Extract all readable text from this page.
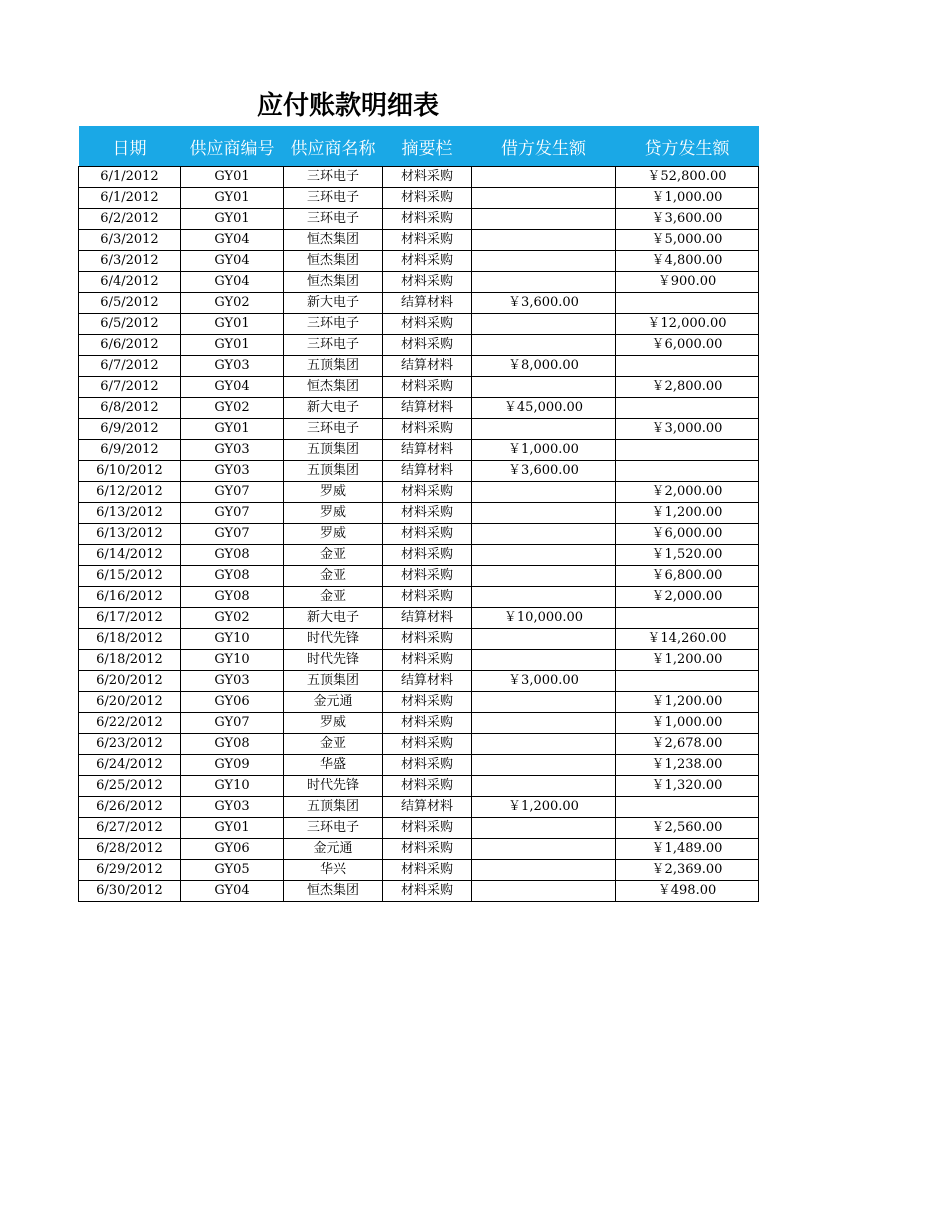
应付账款明细表
日期	供应商编号	供应商名称	摘要栏	借方发生额	贷方发生额
6/1/2012	GY01	三环电子	材料采购		￥52,800.00
6/1/2012	GY01	三环电子	材料采购		￥1,000.00
6/2/2012	GY01	三环电子	材料采购		￥3,600.00
6/3/2012	GY04	恒杰集团	材料采购		￥5,000.00
6/3/2012	GY04	恒杰集团	材料采购		￥4,800.00
6/4/2012	GY04	恒杰集团	材料采购		￥900.00
6/5/2012	GY02	新大电子	结算材料	￥3,600.00	
6/5/2012	GY01	三环电子	材料采购		￥12,000.00
6/6/2012	GY01	三环电子	材料采购		￥6,000.00
6/7/2012	GY03	五顶集团	结算材料	￥8,000.00	
6/7/2012	GY04	恒杰集团	材料采购		￥2,800.00
6/8/2012	GY02	新大电子	结算材料	￥45,000.00	
6/9/2012	GY01	三环电子	材料采购		￥3,000.00
6/9/2012	GY03	五顶集团	结算材料	￥1,000.00	
6/10/2012	GY03	五顶集团	结算材料	￥3,600.00	
6/12/2012	GY07	罗威	材料采购		￥2,000.00
6/13/2012	GY07	罗威	材料采购		￥1,200.00
6/13/2012	GY07	罗威	材料采购		￥6,000.00
6/14/2012	GY08	金亚	材料采购		￥1,520.00
6/15/2012	GY08	金亚	材料采购		￥6,800.00
6/16/2012	GY08	金亚	材料采购		￥2,000.00
6/17/2012	GY02	新大电子	结算材料	￥10,000.00	
6/18/2012	GY10	时代先锋	材料采购		￥14,260.00
6/18/2012	GY10	时代先锋	材料采购		￥1,200.00
6/20/2012	GY03	五顶集团	结算材料	￥3,000.00	
6/20/2012	GY06	金元通	材料采购		￥1,200.00
6/22/2012	GY07	罗威	材料采购		￥1,000.00
6/23/2012	GY08	金亚	材料采购		￥2,678.00
6/24/2012	GY09	华盛	材料采购		￥1,238.00
6/25/2012	GY10	时代先锋	材料采购		￥1,320.00
6/26/2012	GY03	五顶集团	结算材料	￥1,200.00	
6/27/2012	GY01	三环电子	材料采购		￥2,560.00
6/28/2012	GY06	金元通	材料采购		￥1,489.00
6/29/2012	GY05	华兴	材料采购		￥2,369.00
6/30/2012	GY04	恒杰集团	材料采购		￥498.00
